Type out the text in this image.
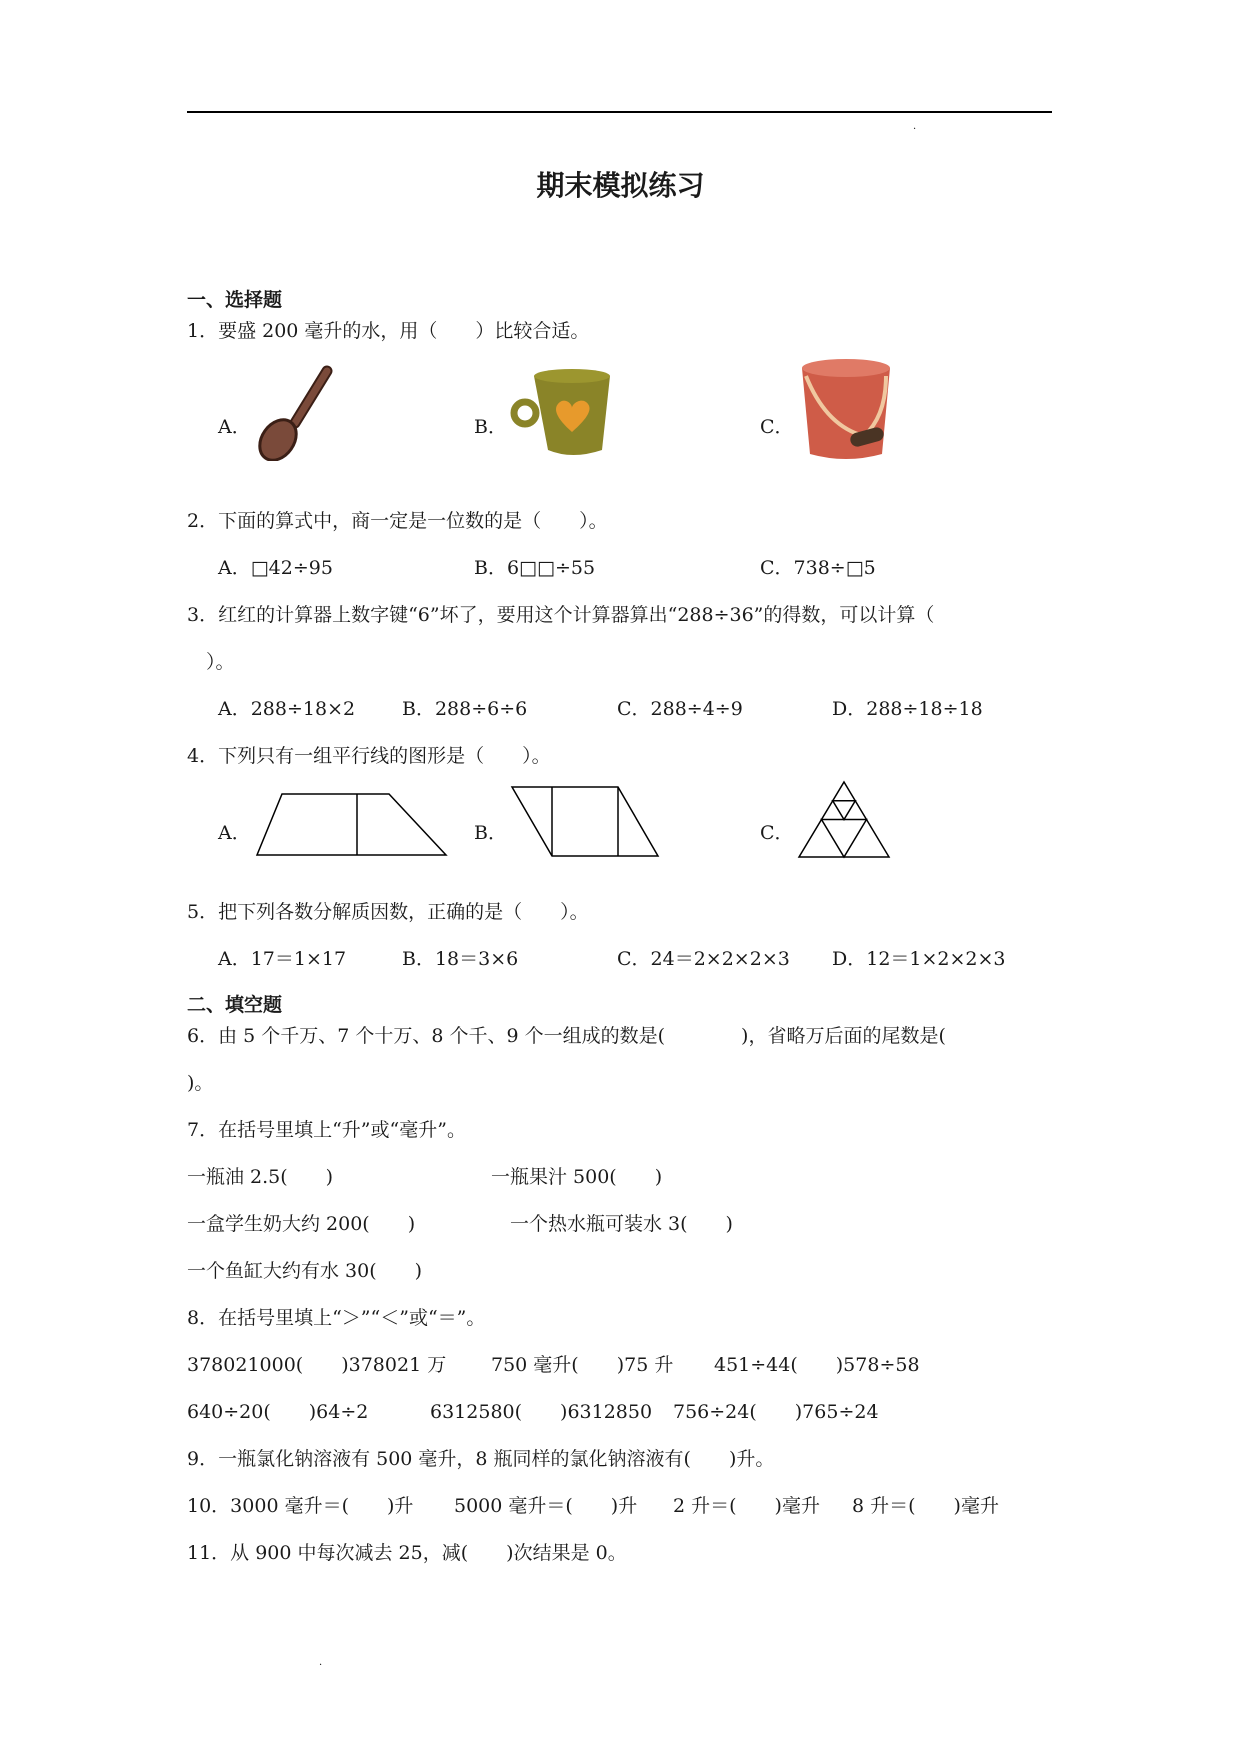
·
期末模拟练习
一、选择题
1．要盛 200 毫升的水，用（　　）比较合适。
A．	B．	C．
2．下面的算式中，商一定是一位数的是（　　）。
A．□42÷95	B．6□□÷55	C．738÷□5
3．红红的计算器上数字键“6”坏了，要用这个计算器算出“288÷36”的得数，可以计算（
）。
A．288÷18×2 B．288÷6÷6	C．288÷4÷9	D．288÷18÷18
4．下列只有一组平行线的图形是（　　）。
A．	B．	C．
5．把下列各数分解质因数，正确的是（　　）。
A．17＝1×17	B．18＝3×6	C．24＝2×2×2×3 D．12＝1×2×2×3
二、填空题
6．由 5 个千万、7 个十万、8 个千、9 个一组成的数是(　　　　)，省略万后面的尾数是(
)。
7．在括号里填上“升”或“毫升”。
一瓶油 2.5(　　)	一瓶果汁 500(　　)
一盒学生奶大约 200(　　)	一个热水瓶可装水 3(　　)
一个鱼缸大约有水 30(　　)
8．在括号里填上“＞”“＜”或“＝”。
378021000(　　)378021 万 750 毫升(　　)75 升 451÷44(　　)578÷58
640÷20(　　)64÷2	6312580(　　)6312850 756÷24(　　)765÷24
9．一瓶氯化钠溶液有 500 毫升，8 瓶同样的氯化钠溶液有(　　)升。
10．3000 毫升＝(　　)升 5000 毫升＝(　　)升 2 升＝(　　)毫升 8 升＝(　　)毫升
11．从 900 中每次减去 25，减(　　)次结果是 0。
·
